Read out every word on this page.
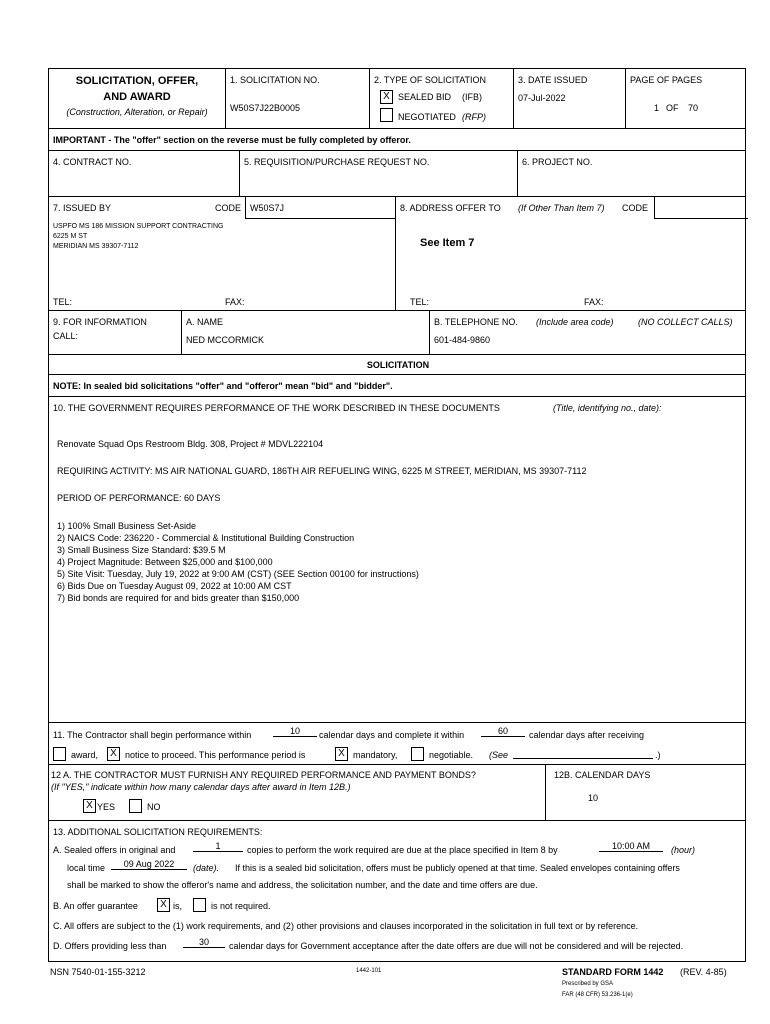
SOLICITATION, OFFER,
AND AWARD
(Construction, Alteration, or Repair)
1. SOLICITATION NO.
W50S7J22B0005
2. TYPE OF SOLICITATION
X SEALED BID (IFB)
NEGOTIATED (RFP)
3. DATE ISSUED
07-Jul-2022
PAGE OF PAGES
1 OF 70
IMPORTANT - The "offer" section on the reverse must be fully completed by offeror.
4. CONTRACT NO.	5. REQUISITION/PURCHASE REQUEST NO.	6. PROJECT NO.
7. ISSUED BY	CODE W50S7J
USPFO MS 186 MISSION SUPPORT CONTRACTING
6225 M ST
MERIDIAN MS 39307-7112
TEL:	FAX:
8. ADDRESS OFFER TO (If Other Than Item 7) CODE
See Item 7
TEL:	FAX:
9. FOR INFORMATION
CALL:
A. NAME
NED MCCORMICK
B. TELEPHONE NO. (Include area code)	(NO COLLECT CALLS)
601-484-9860
SOLICITATION
NOTE: In sealed bid solicitations "offer" and "offeror" mean "bid" and "bidder".
10. THE GOVERNMENT REQUIRES PERFORMANCE OF THE WORK DESCRIBED IN THESE DOCUMENTS	(Title, identifying no., date):
Renovate Squad Ops Restroom Bldg. 308, Project # MDVL222104
REQUIRING ACTIVITY: MS AIR NATIONAL GUARD, 186TH AIR REFUELING WING, 6225 M STREET, MERIDIAN, MS 39307-7112
PERIOD OF PERFORMANCE: 60 DAYS
1) 100% Small Business Set-Aside
2) NAICS Code: 236220 - Commercial & Institutional Building Construction
3) Small Business Size Standard: $39.5 M
4) Project Magnitude: Between $25,000 and $100,000
5) Site Visit: Tuesday, July 19, 2022 at 9:00 AM (CST) (SEE Section 00100 for instructions)
6) Bids Due on Tuesday August 09, 2022 at 10:00 AM CST
7) Bid bonds are required for and bids greater than $150,000
11. The Contractor shall begin performance within	10	calendar days and complete it within	60	calendar days after receiving
award,	X notice to proceed. This performance period is	X mandatory,	negotiable. (See	.)
12 A. THE CONTRACTOR MUST FURNISH ANY REQUIRED PERFORMANCE AND PAYMENT BONDS?
(If "YES," indicate within how many calendar days after award in Item 12B.)
X YES	NO
12B. CALENDAR DAYS
10
13. ADDITIONAL SOLICITATION REQUIREMENTS:
A. Sealed offers in original and	1	copies to perform the work required are due at the place specified in Item 8 by	10:00 AM	(hour)
local time	09 Aug 2022	(date). If this is a sealed bid solicitation, offers must be publicly opened at that time. Sealed envelopes containing offers
shall be marked to show the offeror's name and address, the solicitation number, and the date and time offers are due.
B. An offer guarantee	X is,	is not required.
C. All offers are subject to the (1) work requirements, and (2) other provisions and clauses incorporated in the solicitation in full text or by reference.
D. Offers providing less than	30	calendar days for Government acceptance after the date offers are due will not be considered and will be rejected.
NSN 7540-01-155-3212	1442-101	STANDARD FORM 1442 (REV. 4-85)
Prescribed by GSA
FAR (48 CFR) 53.236-1(e)
